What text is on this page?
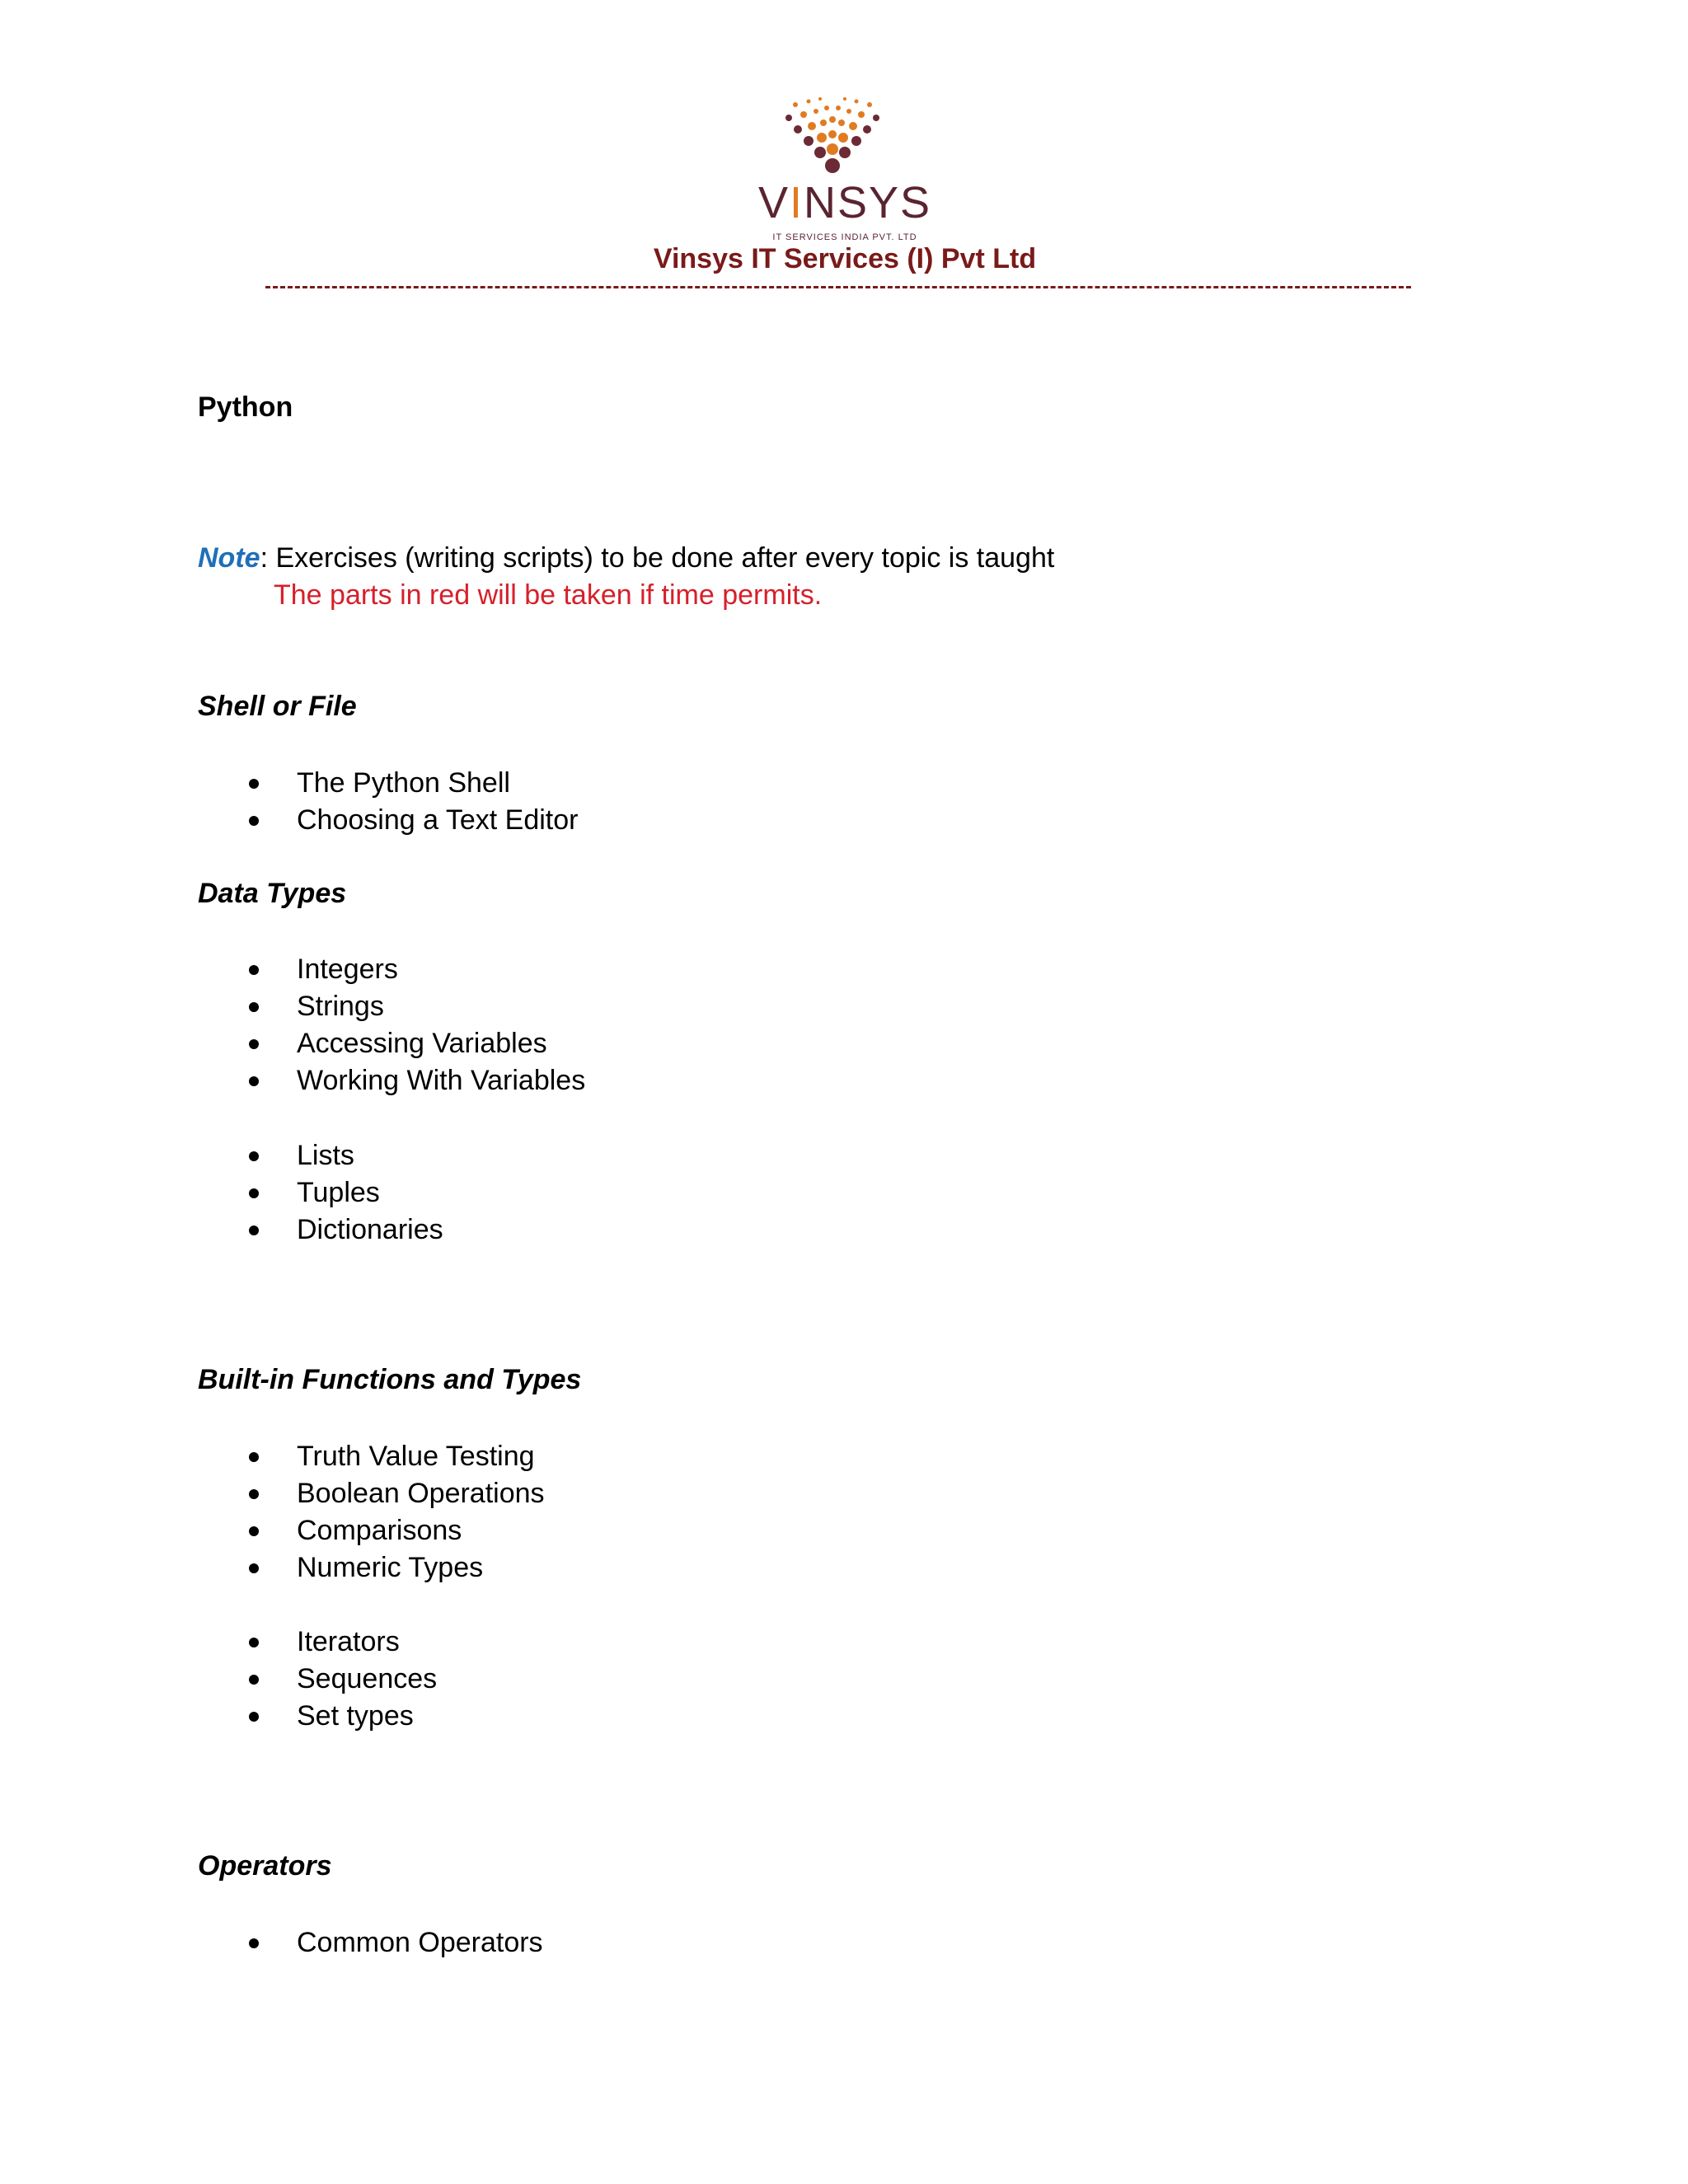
VINSYS
IT SERVICES INDIA PVT. LTD
Vinsys IT Services (I) Pvt Ltd
Python
Note: Exercises (writing scripts) to be done after every topic is taught
The parts in red will be taken if time permits.
Shell or File
The Python Shell
Choosing a Text Editor
Data Types
Integers
Strings
Accessing Variables
Working With Variables
Lists
Tuples
Dictionaries
Built-in Functions and Types
Truth Value Testing
Boolean Operations
Comparisons
Numeric Types
Iterators
Sequences
Set types
Operators
Common Operators
